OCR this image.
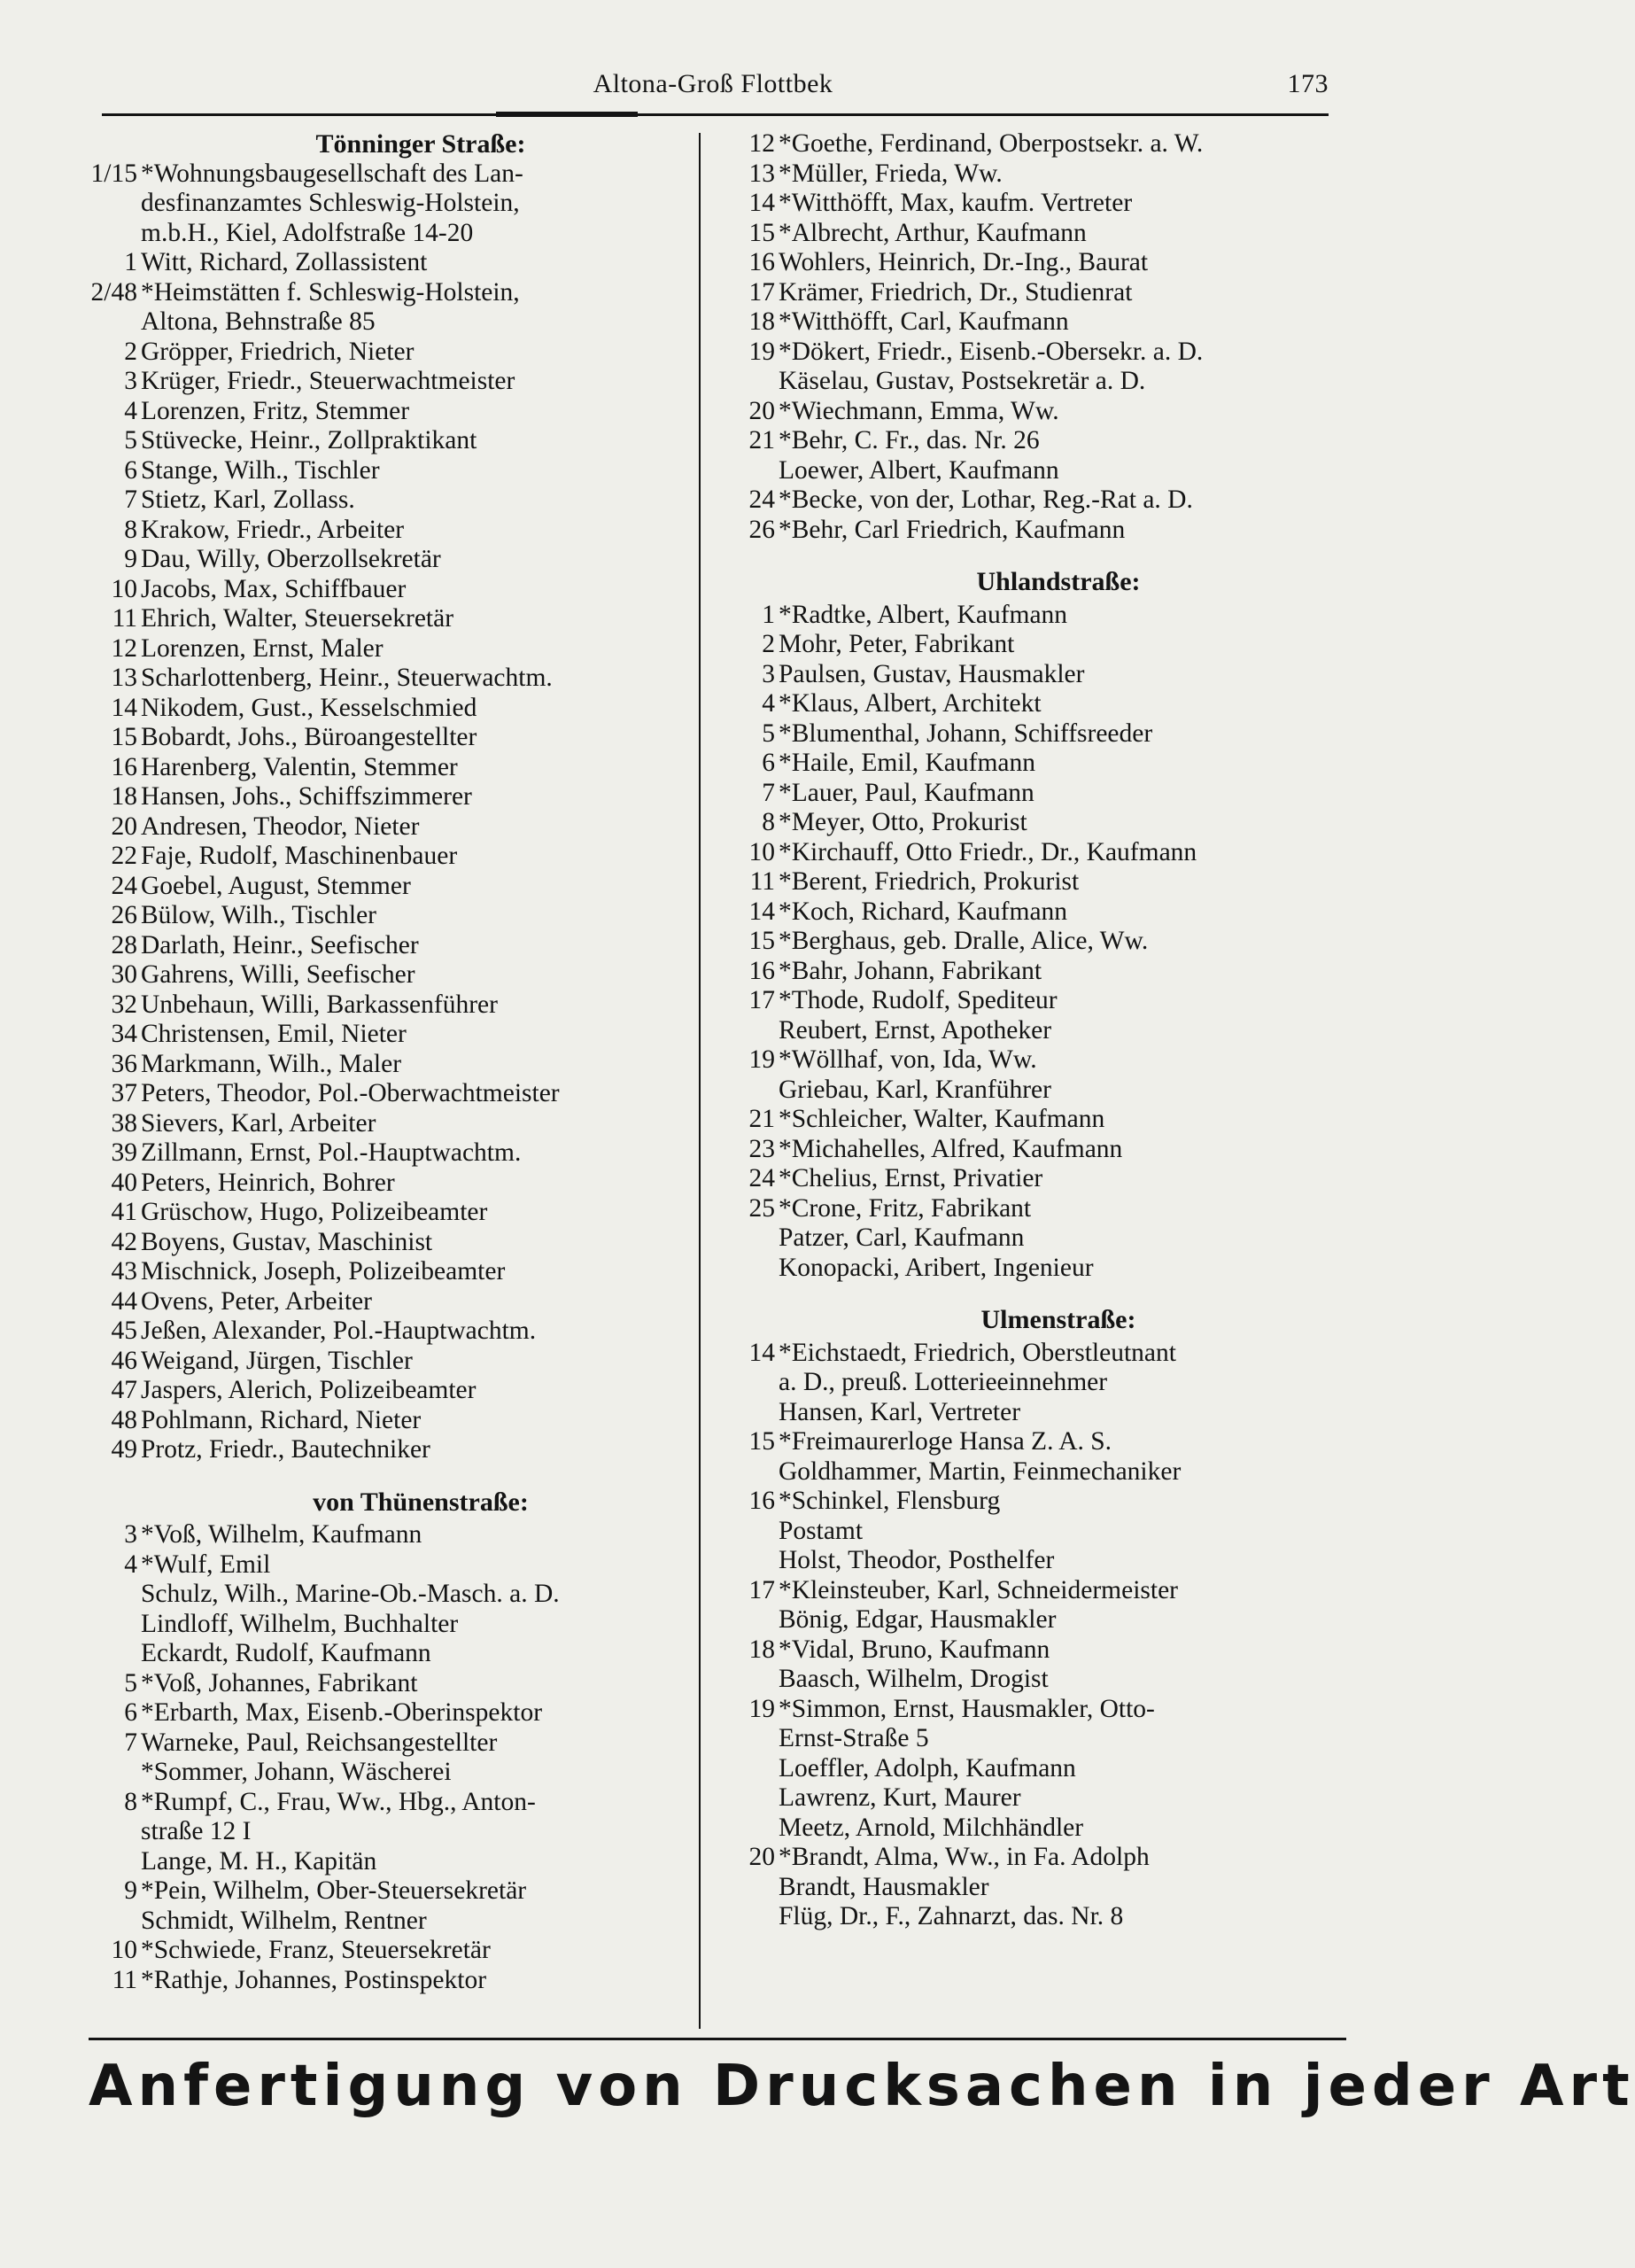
Altona-Groß Flottbek	173
Tönninger Straße:
1/15 *Wohnungsbaugesellschaft des Lan-
desfinanzamtes Schleswig-Holstein,
m.b.H., Kiel, Adolfstraße 14-20
1 Witt, Richard, Zollassistent
2/48 *Heimstätten f. Schleswig-Holstein,
Altona, Behnstraße 85
2 Gröpper, Friedrich, Nieter
3 Krüger, Friedr., Steuerwachtmeister
4 Lorenzen, Fritz, Stemmer
5 Stüvecke, Heinr., Zollpraktikant
6 Stange, Wilh., Tischler
7 Stietz, Karl, Zollass.
8 Krakow, Friedr., Arbeiter
9 Dau, Willy, Oberzollsekretär
10 Jacobs, Max, Schiffbauer
11 Ehrich, Walter, Steuersekretär
12 Lorenzen, Ernst, Maler
13 Scharlottenberg, Heinr., Steuerwachtm.
14 Nikodem, Gust., Kesselschmied
15 Bobardt, Johs., Büroangestellter
16 Harenberg, Valentin, Stemmer
18 Hansen, Johs., Schiffszimmerer
20 Andresen, Theodor, Nieter
22 Faje, Rudolf, Maschinenbauer
24 Goebel, August, Stemmer
26 Bülow, Wilh., Tischler
28 Darlath, Heinr., Seefischer
30 Gahrens, Willi, Seefischer
32 Unbehaun, Willi, Barkassenführer
34 Christensen, Emil, Nieter
36 Markmann, Wilh., Maler
37 Peters, Theodor, Pol.-Oberwachtmeister
38 Sievers, Karl, Arbeiter
39 Zillmann, Ernst, Pol.-Hauptwachtm.
40 Peters, Heinrich, Bohrer
41 Grüschow, Hugo, Polizeibeamter
42 Boyens, Gustav, Maschinist
43 Mischnick, Joseph, Polizeibeamter
44 Ovens, Peter, Arbeiter
45 Jeßen, Alexander, Pol.-Hauptwachtm.
46 Weigand, Jürgen, Tischler
47 Jaspers, Alerich, Polizeibeamter
48 Pohlmann, Richard, Nieter
49 Protz, Friedr., Bautechniker
von Thünenstraße:
3 *Voß, Wilhelm, Kaufmann
4 *Wulf, Emil
Schulz, Wilh., Marine-Ob.-Masch. a. D.
Lindloff, Wilhelm, Buchhalter
Eckardt, Rudolf, Kaufmann
5 *Voß, Johannes, Fabrikant
6 *Erbarth, Max, Eisenb.-Oberinspektor
7 Warneke, Paul, Reichsangestellter
*Sommer, Johann, Wäscherei
8 *Rumpf, C., Frau, Ww., Hbg., Anton-
straße 12 I
Lange, M. H., Kapitän
9 *Pein, Wilhelm, Ober-Steuersekretär
Schmidt, Wilhelm, Rentner
10 *Schwiede, Franz, Steuersekretär
11 *Rathje, Johannes, Postinspektor
12 *Goethe, Ferdinand, Oberpostsekr. a. W.
13 *Müller, Frieda, Ww.
14 *Witthöfft, Max, kaufm. Vertreter
15 *Albrecht, Arthur, Kaufmann
16 Wohlers, Heinrich, Dr.-Ing., Baurat
17 Krämer, Friedrich, Dr., Studienrat
18 *Witthöfft, Carl, Kaufmann
19 *Dökert, Friedr., Eisenb.-Obersekr. a. D.
Käselau, Gustav, Postsekretär a. D.
20 *Wiechmann, Emma, Ww.
21 *Behr, C. Fr., das. Nr. 26
Loewer, Albert, Kaufmann
24 *Becke, von der, Lothar, Reg.-Rat a. D.
26 *Behr, Carl Friedrich, Kaufmann
Uhlandstraße:
1 *Radtke, Albert, Kaufmann
2 Mohr, Peter, Fabrikant
3 Paulsen, Gustav, Hausmakler
4 *Klaus, Albert, Architekt
5 *Blumenthal, Johann, Schiffsreeder
6 *Haile, Emil, Kaufmann
7 *Lauer, Paul, Kaufmann
8 *Meyer, Otto, Prokurist
10 *Kirchauff, Otto Friedr., Dr., Kaufmann
11 *Berent, Friedrich, Prokurist
14 *Koch, Richard, Kaufmann
15 *Berghaus, geb. Dralle, Alice, Ww.
16 *Bahr, Johann, Fabrikant
17 *Thode, Rudolf, Spediteur
Reubert, Ernst, Apotheker
19 *Wöllhaf, von, Ida, Ww.
Griebau, Karl, Kranführer
21 *Schleicher, Walter, Kaufmann
23 *Michahelles, Alfred, Kaufmann
24 *Chelius, Ernst, Privatier
25 *Crone, Fritz, Fabrikant
Patzer, Carl, Kaufmann
Konopacki, Aribert, Ingenieur
Ulmenstraße:
14 *Eichstaedt, Friedrich, Oberstleutnant
a. D., preuß. Lotterieeinnehmer
Hansen, Karl, Vertreter
15 *Freimaurerloge Hansa Z. A. S.
Goldhammer, Martin, Feinmechaniker
16 *Schinkel, Flensburg
Postamt
Holst, Theodor, Posthelfer
17 *Kleinsteuber, Karl, Schneidermeister
Bönig, Edgar, Hausmakler
18 *Vidal, Bruno, Kaufmann
Baasch, Wilhelm, Drogist
19 *Simmon, Ernst, Hausmakler, Otto-
Ernst-Straße 5
Loeffler, Adolph, Kaufmann
Lawrenz, Kurt, Maurer
Meetz, Arnold, Milchhändler
20 *Brandt, Alma, Ww., in Fa. Adolph
Brandt, Hausmakler
Flüg, Dr., F., Zahnarzt, das. Nr. 8
Anfertigung von Drucksachen in jeder Art
